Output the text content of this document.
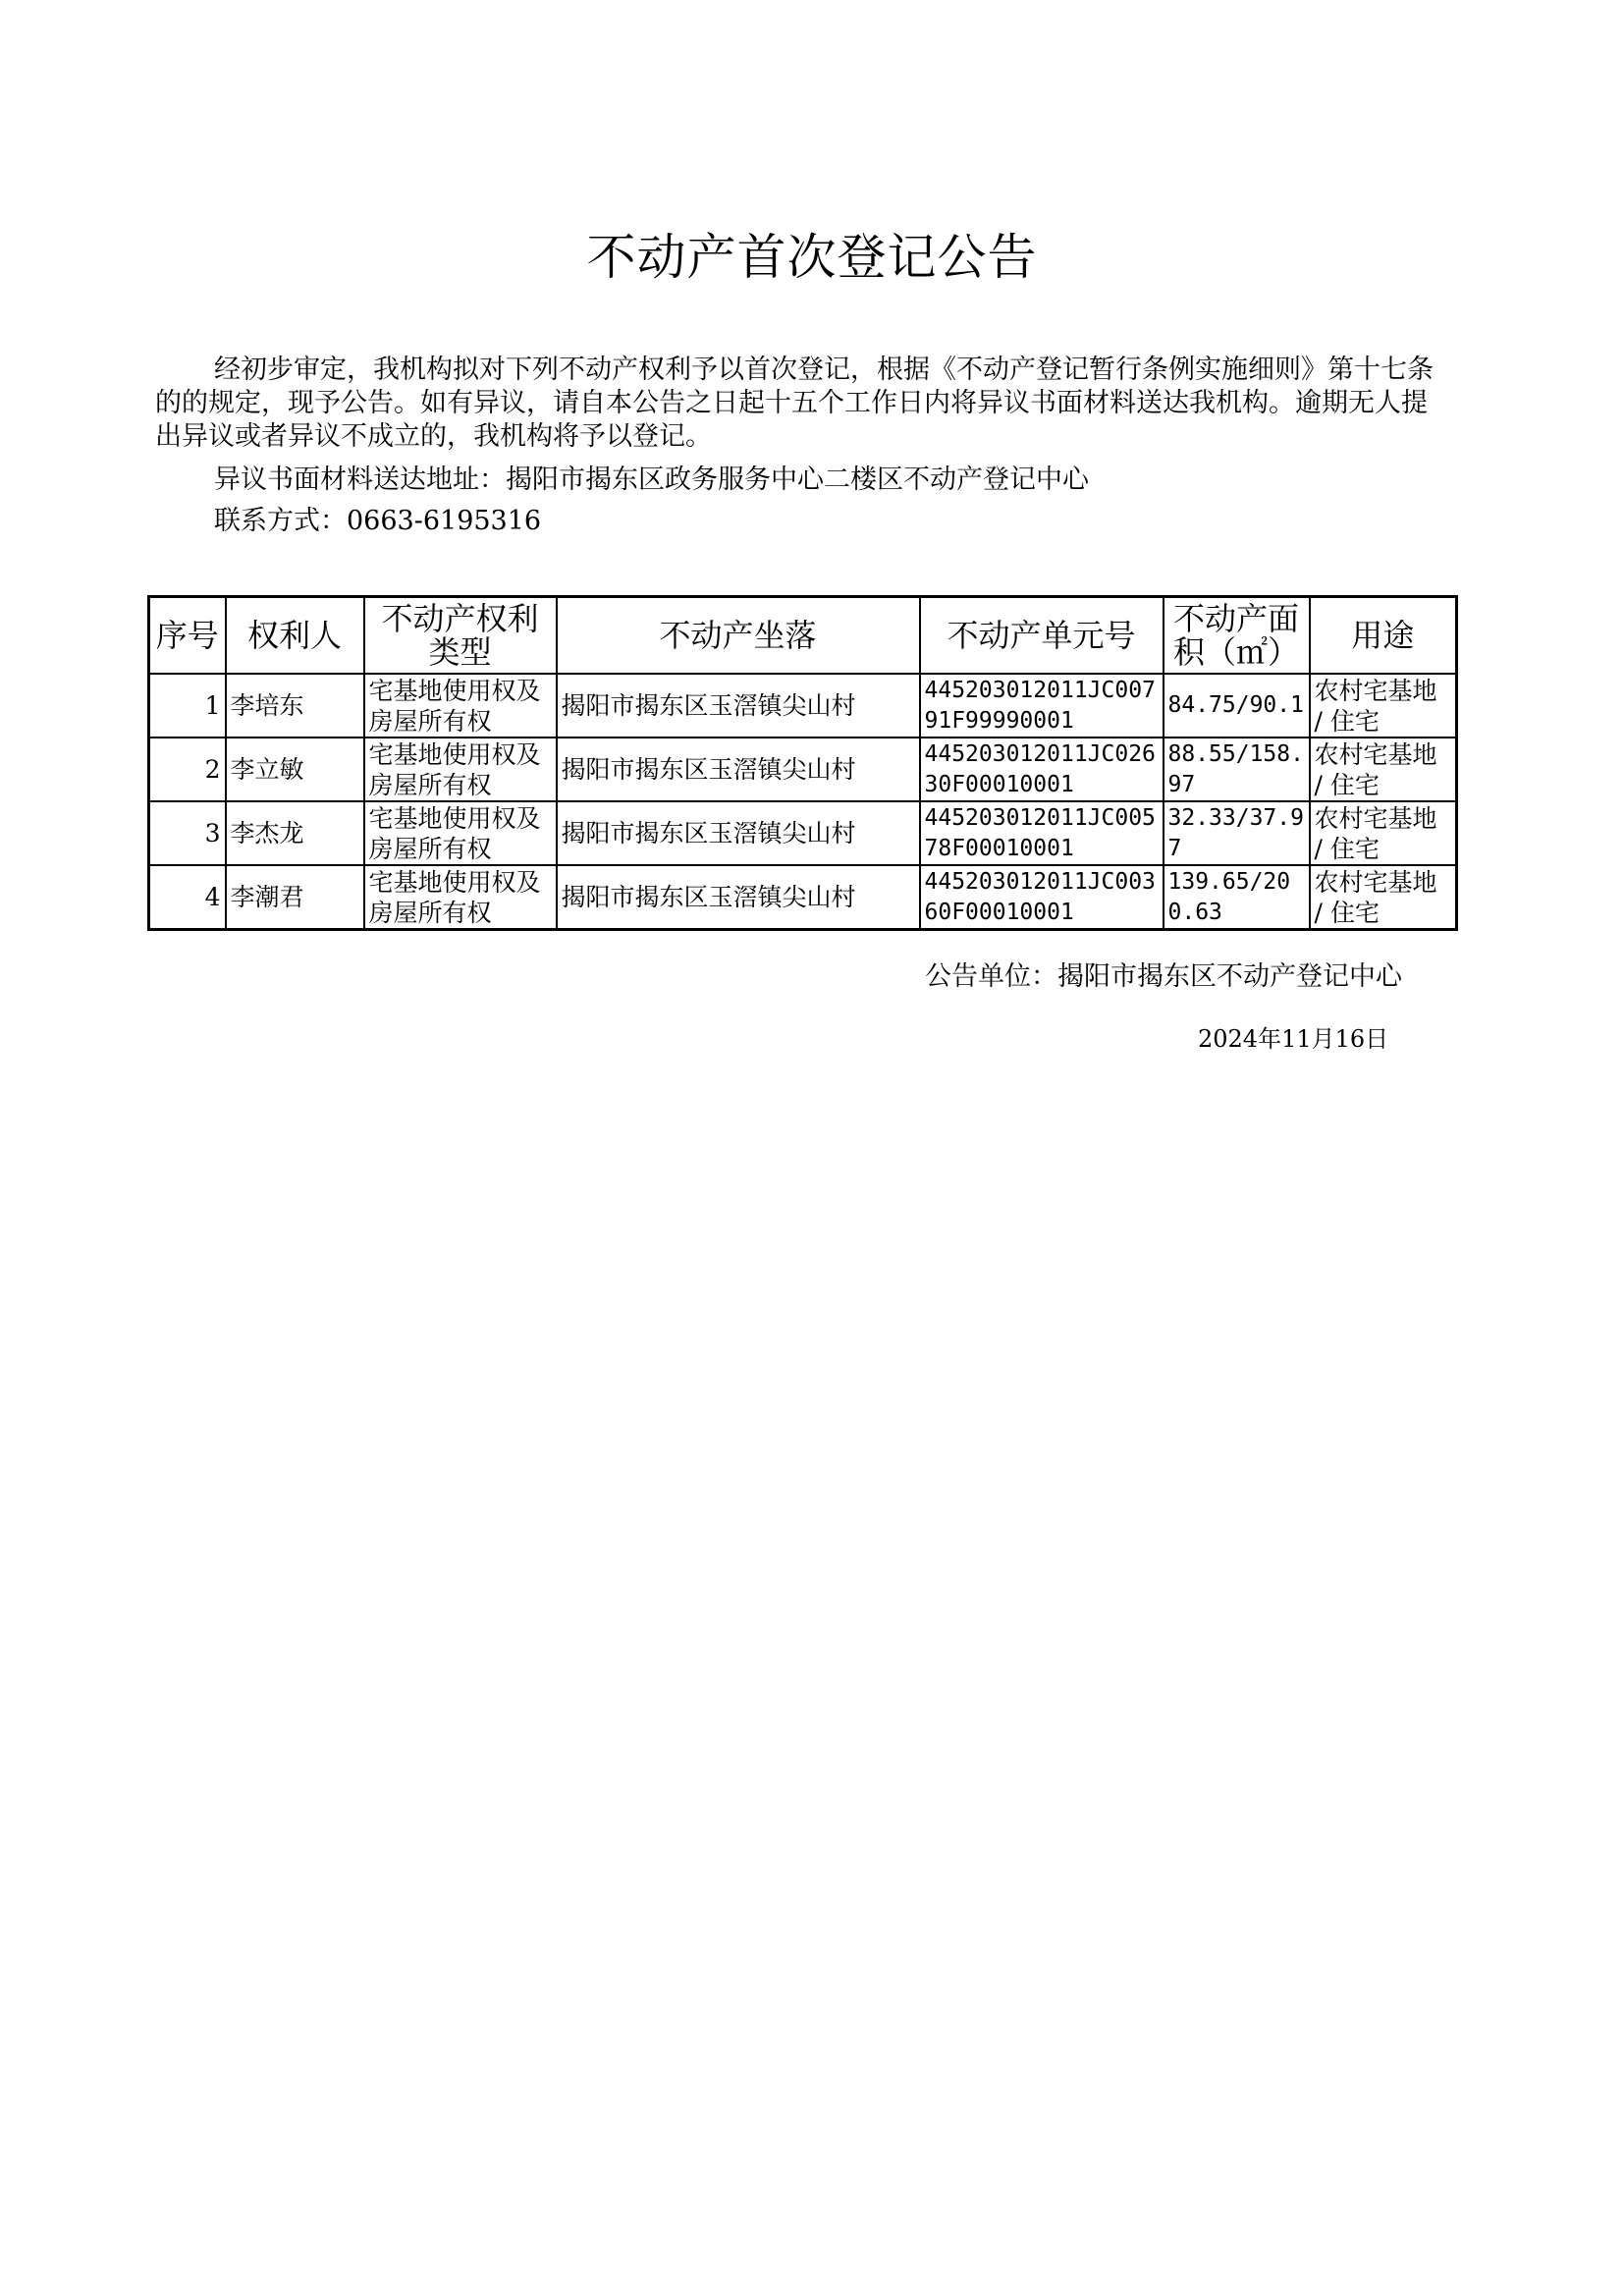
不动产首次登记公告

经初步审定，我机构拟对下列不动产权利予以首次登记，根据《不动产登记暂行条例实施细则》第十七条的的规定，现予公告。如有异议，请自本公告之日起十五个工作日内将异议书面材料送达我机构。逾期无人提出异议或者异议不成立的，我机构将予以登记。

异议书面材料送达地址：揭阳市揭东区政务服务中心二楼区不动产登记中心

联系方式：0663-6195316

序号	权利人	不动产权利类型	不动产坐落	不动产单元号	不动产面积（㎡）	用途
1	李培东	宅基地使用权及房屋所有权	揭阳市揭东区玉滘镇尖山村	445203012011JC00791F99990001	84.75/90.1	农村宅基地 / 住宅
2	李立敏	宅基地使用权及房屋所有权	揭阳市揭东区玉滘镇尖山村	445203012011JC02630F00010001	88.55/158.97	农村宅基地 / 住宅
3	李杰龙	宅基地使用权及房屋所有权	揭阳市揭东区玉滘镇尖山村	445203012011JC00578F00010001	32.33/37.97	农村宅基地 / 住宅
4	李潮君	宅基地使用权及房屋所有权	揭阳市揭东区玉滘镇尖山村	445203012011JC00360F00010001	139.65/200.63	农村宅基地 / 住宅

公告单位：揭阳市揭东区不动产登记中心

2024年11月16日
